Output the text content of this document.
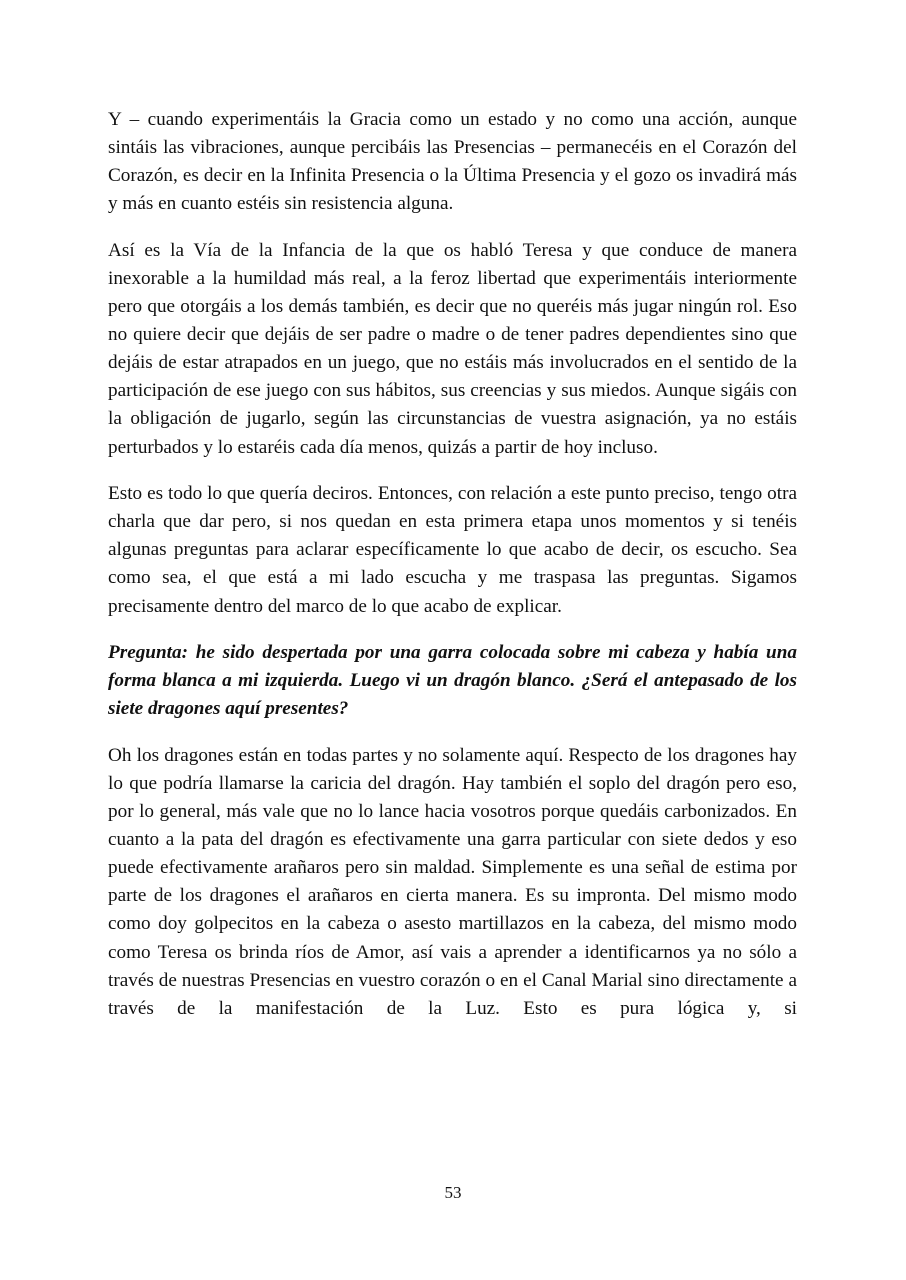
Y – cuando experimentáis la Gracia como un estado y no como una acción, aunque sintáis las vibraciones, aunque percibáis las Presencias – permanecéis en el Corazón del Corazón, es decir en la Infinita Presencia o la Última Presencia y el gozo os invadirá más y más en cuanto estéis sin resistencia alguna.

Así es la Vía de la Infancia de la que os habló Teresa y que conduce de manera inexorable a la humildad más real, a la feroz libertad que experimentáis interiormente pero que otorgáis a los demás también, es decir que no queréis más jugar ningún rol. Eso no quiere decir que dejáis de ser padre o madre o de tener padres dependientes sino que dejáis de estar atrapados en un juego, que no estáis más involucrados en el sentido de la participación de ese juego con sus hábitos, sus creencias y sus miedos. Aunque sigáis con la obligación de jugarlo, según las circunstancias de vuestra asignación, ya no estáis perturbados y lo estaréis cada día menos, quizás a partir de hoy incluso.

Esto es todo lo que quería deciros. Entonces, con relación a este punto preciso, tengo otra charla que dar pero, si nos quedan en esta primera etapa unos momentos y si tenéis algunas preguntas para aclarar específicamente lo que acabo de decir, os escucho. Sea como sea, el que está a mi lado escucha y me traspasa las preguntas. Sigamos precisamente dentro del marco de lo que acabo de explicar.

Pregunta: he sido despertada por una garra colocada sobre mi cabeza y había una forma blanca a mi izquierda. Luego vi un dragón blanco. ¿Será el antepasado de los siete dragones aquí presentes?

Oh los dragones están en todas partes y no solamente aquí. Respecto de los dragones hay lo que podría llamarse la caricia del dragón. Hay también el soplo del dragón pero eso, por lo general, más vale que no lo lance hacia vosotros porque quedáis carbonizados. En cuanto a la pata del dragón es efectivamente una garra particular con siete dedos y eso puede efectivamente arañaros pero sin maldad. Simplemente es una señal de estima por parte de los dragones el arañaros en cierta manera. Es su impronta. Del mismo modo como doy golpecitos en la cabeza o asesto martillazos en la cabeza, del mismo modo como Teresa os brinda ríos de Amor, así vais a aprender a identificarnos ya no sólo a través de nuestras Presencias en vuestro corazón o en el Canal Marial sino directamente a través de la manifestación de la Luz. Esto es pura lógica y, si

53
